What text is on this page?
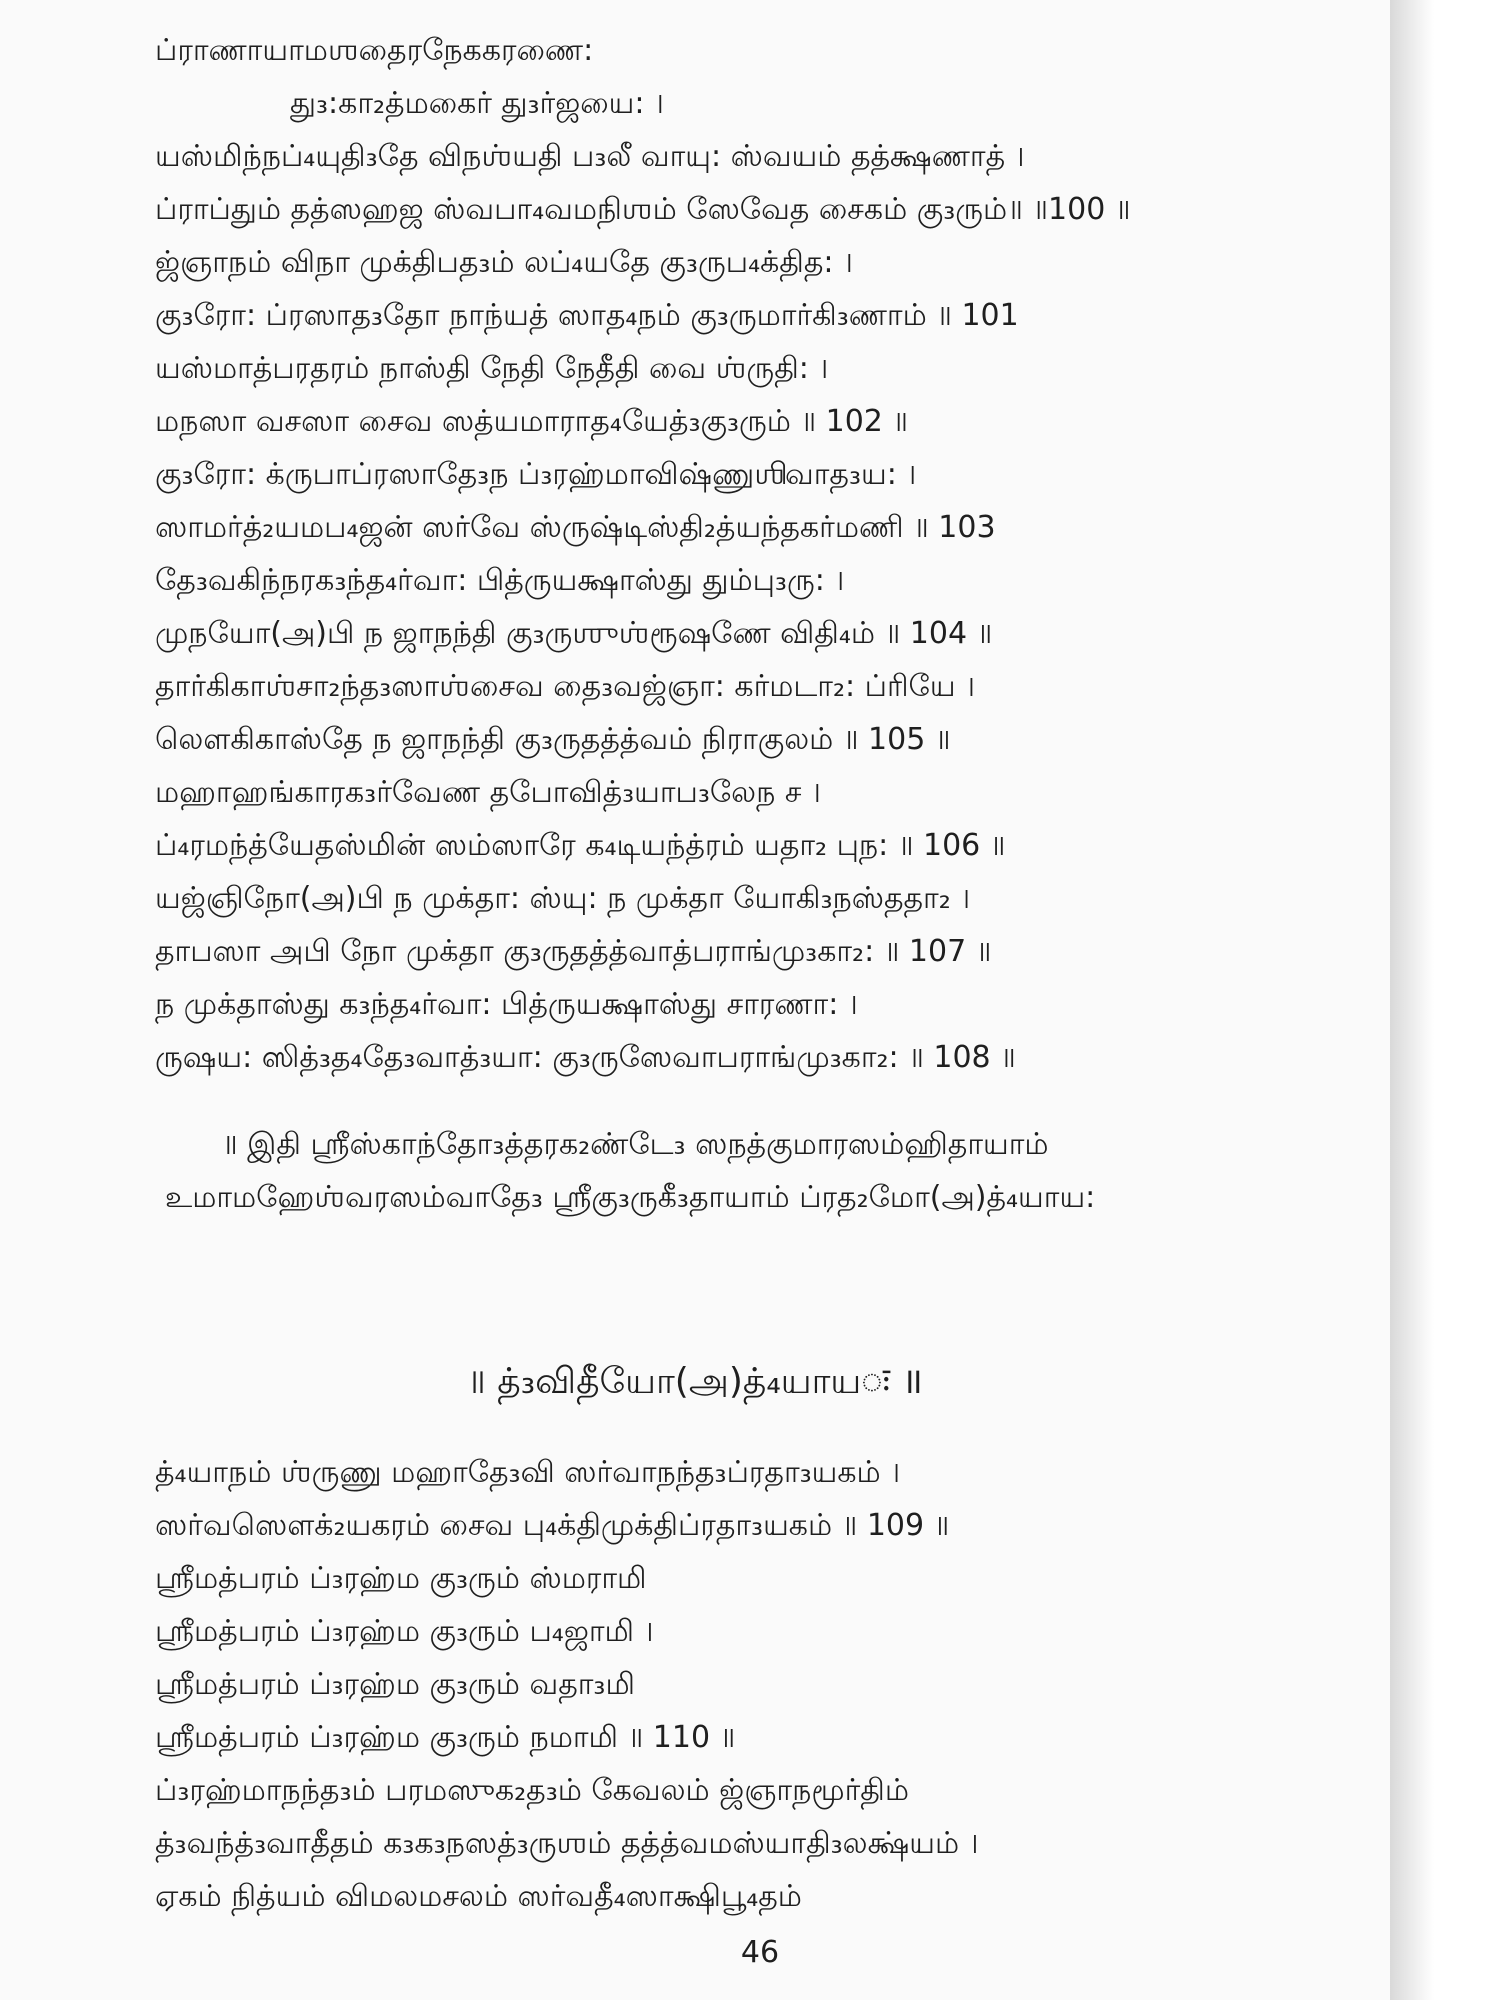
ப்ராணாயாமஶதைரநேககரணை:
து₃:கா₂த்மகைர் து₃ர்ஜயை: ।
யஸ்மிந்நப்₄யுதி₃தே விநஶ்யதி ப₃லீ வாயு: ஸ்வயம் தத்க்ஷணாத் ।
ப்ராப்தும் தத்ஸஹஜ ஸ்வபா₄வமநிஶம் ஸேவேத சைகம் கு₃ரும்॥ ॥100 ॥
ஜ்ஞாநம் விநா முக்திபத₃ம் லப்₄யதே கு₃ருப₄க்தித: ।
கு₃ரோ: ப்ரஸாத₃தோ நாந்யத் ஸாத₄நம் கு₃ருமார்கி₃ணாம் ॥ 101
யஸ்மாத்பரதரம் நாஸ்தி நேதி நேதீதி வை ஶ்ருதி: ।
மநஸா வசஸா சைவ ஸத்யமாராத₄யேத்₃கு₃ரும் ॥ 102 ॥
கு₃ரோ: க்ருபாப்ரஸாதே₃ந ப்₃ரஹ்மாவிஷ்ணுஶிவாத₃ய: ।
ஸாமர்த்₂யமப₄ஜன் ஸர்வே ஸ்ருஷ்டிஸ்தி₂த்யந்தகர்மணி ॥ 103
தே₃வகிந்நரக₃ந்த₄ர்வா: பித்ருயக்ஷாஸ்து தும்பு₃ரு: ।
முநயோ(அ)பி ந ஜாநந்தி கு₃ருஶுஶ்ரூஷணே விதி₄ம் ॥ 104 ॥
தார்கிகாஶ்சா₂ந்த₃ஸாஶ்சைவ தை₃வஜ்ஞா: கர்மடா₂: ப்ரியே ।
லௌகிகாஸ்தே ந ஜாநந்தி கு₃ருதத்த்வம் நிராகுலம் ॥ 105 ॥
மஹாஹங்காரக₃ர்வேண தபோவித்₃யாப₃லேந ச ।
ப்₄ரமந்த்யேதஸ்மின் ஸம்ஸாரே க₄டியந்த்ரம் யதா₂ புந: ॥ 106 ॥
யஜ்ஞிநோ(அ)பி ந முக்தா: ஸ்யு: ந முக்தா யோகி₃நஸ்ததா₂ ।
தாபஸா அபி நோ முக்தா கு₃ருதத்த்வாத்பராங்மு₃கா₂: ॥ 107 ॥
ந முக்தாஸ்து க₃ந்த₄ர்வா: பித்ருயக்ஷாஸ்து சாரணா: ।
ருஷய: ஸித்₃த₄தே₃வாத்₃யா: கு₃ருஸேவாபராங்மு₃கா₂: ॥ 108 ॥
॥ இதி ஸ்ரீஸ்காந்தோ₃த்தரக₂ண்டே₃ ஸநத்குமாரஸம்ஹிதாயாம்
உமாமஹேஶ்வரஸம்வாதே₃ ஸ்ரீகு₃ருகீ₃தாயாம் ப்ரத₂மோ(அ)த்₄யாய:
॥ த்₃விதீயோ(அ)த்₄யாயः ॥
த்₄யாநம் ஶ்ருணு மஹாதே₃வி ஸர்வாநந்த₃ப்ரதா₃யகம் ।
ஸர்வஸௌக்₂யகரம் சைவ பு₄க்திமுக்திப்ரதா₃யகம் ॥ 109 ॥
ஸ்ரீமத்பரம் ப்₃ரஹ்ம கு₃ரும் ஸ்மராமி
ஸ்ரீமத்பரம் ப்₃ரஹ்ம கு₃ரும் ப₄ஜாமி ।
ஸ்ரீமத்பரம் ப்₃ரஹ்ம கு₃ரும் வதா₃மி
ஸ்ரீமத்பரம் ப்₃ரஹ்ம கு₃ரும் நமாமி ॥ 110 ॥
ப்₃ரஹ்மாநந்த₃ம் பரமஸுக₂த₃ம் கேவலம் ஜ்ஞாநமூர்திம்
த்₃வந்த்₃வாதீதம் க₃க₃நஸத்₃ருஶம் தத்த்வமஸ்யாதி₃லக்ஷ்யம் ।
ஏகம் நித்யம் விமலமசலம் ஸர்வதீ₄ஸாக்ஷிபூ₄தம்
46
